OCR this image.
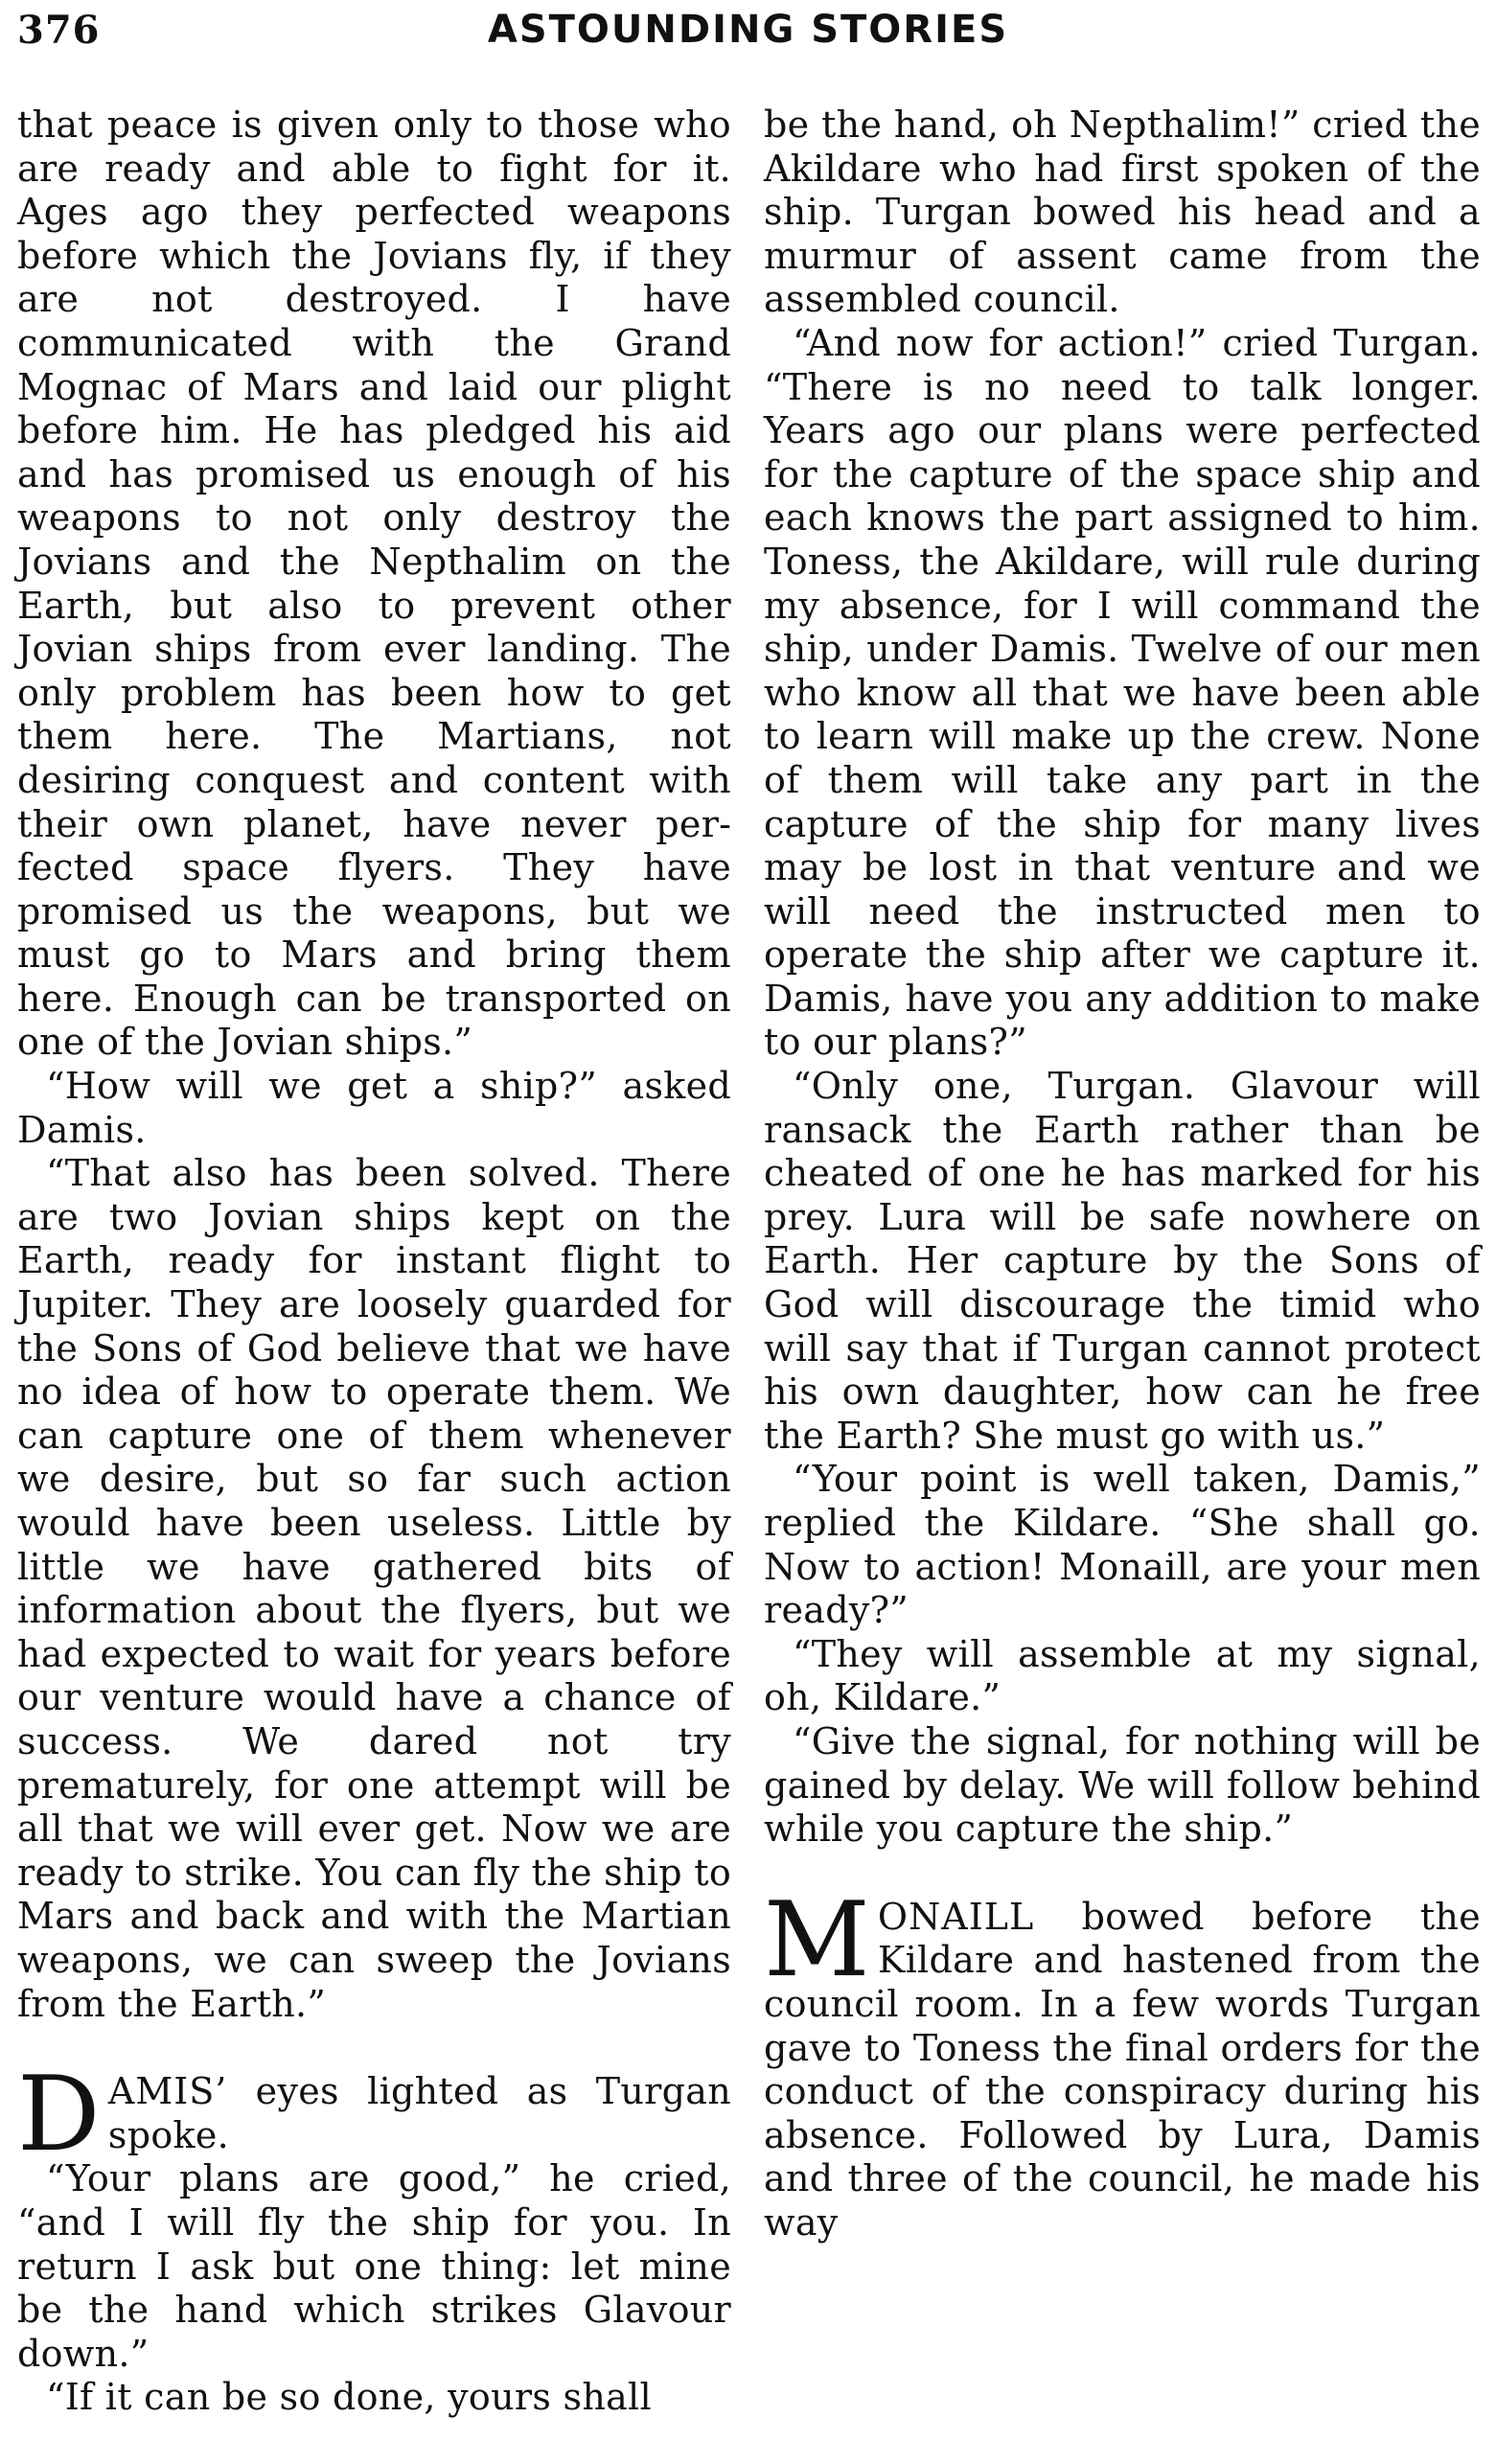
376	ASTOUNDING STORIES

that peace is given only to those who are ready and able to fight for it. Ages ago they perfected weapons before which the Jovians fly, if they are not destroyed. I have communicated with the Grand Mognac of Mars and laid our plight before him. He has pledged his aid and has promised us enough of his weapons to not only destroy the Jovians and the Nepthalim on the Earth, but also to prevent other Jovian ships from ever landing. The only problem has been how to get them here. The Martians, not desiring conquest and content with their own planet, have never perfected space flyers. They have promised us the weapons, but we must go to Mars and bring them here. Enough can be transported on one of the Jovian ships.”

“How will we get a ship?” asked Damis.

“That also has been solved. There are two Jovian ships kept on the Earth, ready for instant flight to Jupiter. They are loosely guarded for the Sons of God believe that we have no idea of how to operate them. We can capture one of them whenever we desire, but so far such action would have been useless. Little by little we have gathered bits of information about the flyers, but we had expected to wait for years before our venture would have a chance of success. We dared not try prematurely, for one attempt will be all that we will ever get. Now we are ready to strike. You can fly the ship to Mars and back and with the Martian weapons, we can sweep the Jovians from the Earth.”

DAMIS’ eyes lighted as Turgan spoke.

“Your plans are good,” he cried, “and I will fly the ship for you. In return I ask but one thing: let mine be the hand which strikes Glavour down.”

“If it can be so done, yours shall

be the hand, oh Nepthalim!” cried the Akildare who had first spoken of the ship. Turgan bowed his head and a murmur of assent came from the assembled council.

“And now for action!” cried Turgan. “There is no need to talk longer. Years ago our plans were perfected for the capture of the space ship and each knows the part assigned to him. Toness, the Akildare, will rule during my absence, for I will command the ship, under Damis. Twelve of our men who know all that we have been able to learn will make up the crew. None of them will take any part in the capture of the ship for many lives may be lost in that venture and we will need the instructed men to operate the ship after we capture it. Damis, have you any addition to make to our plans?”

“Only one, Turgan. Glavour will ransack the Earth rather than be cheated of one he has marked for his prey. Lura will be safe nowhere on Earth. Her capture by the Sons of God will discourage the timid who will say that if Turgan cannot protect his own daughter, how can he free the Earth? She must go with us.”

“Your point is well taken, Damis,” replied the Kildare. “She shall go. Now to action! Monaill, are your men ready?”

“They will assemble at my signal, oh, Kildare.”

“Give the signal, for nothing will be gained by delay. We will follow behind while you capture the ship.”

MONAILL bowed before the Kildare and hastened from the council room. In a few words Turgan gave to Toness the final orders for the conduct of the conspiracy during his absence. Followed by Lura, Damis and three of the council, he made his way
